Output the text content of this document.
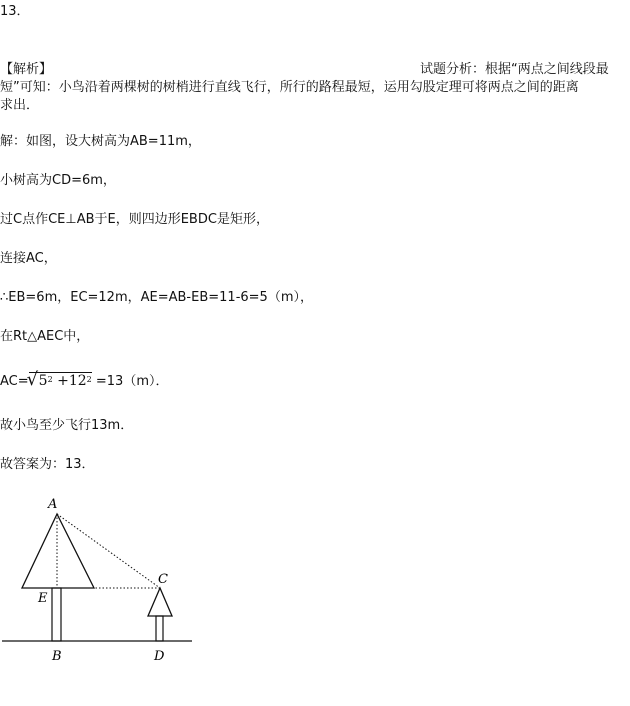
13．
【解析】	试题分析：根据“两点之间线段最
短”可知：小鸟沿着两棵树的树梢进行直线飞行，所行的路程最短，运用勾股定理可将两点之间的距离
求出．
解：如图，设大树高为AB=11m，
小树高为CD=6m，
过C点作CE⊥AB于E，则四边形EBDC是矩形，
连接AC，
∴EB=6m，EC=12m，AE=AB-EB=11-6=5（m），
在Rt△AEC中，
AC=√ $5^2 +12^2 =13(m)$．
故小鸟至少飞行13m．
故答案为：13．
A
E
B
C
D
